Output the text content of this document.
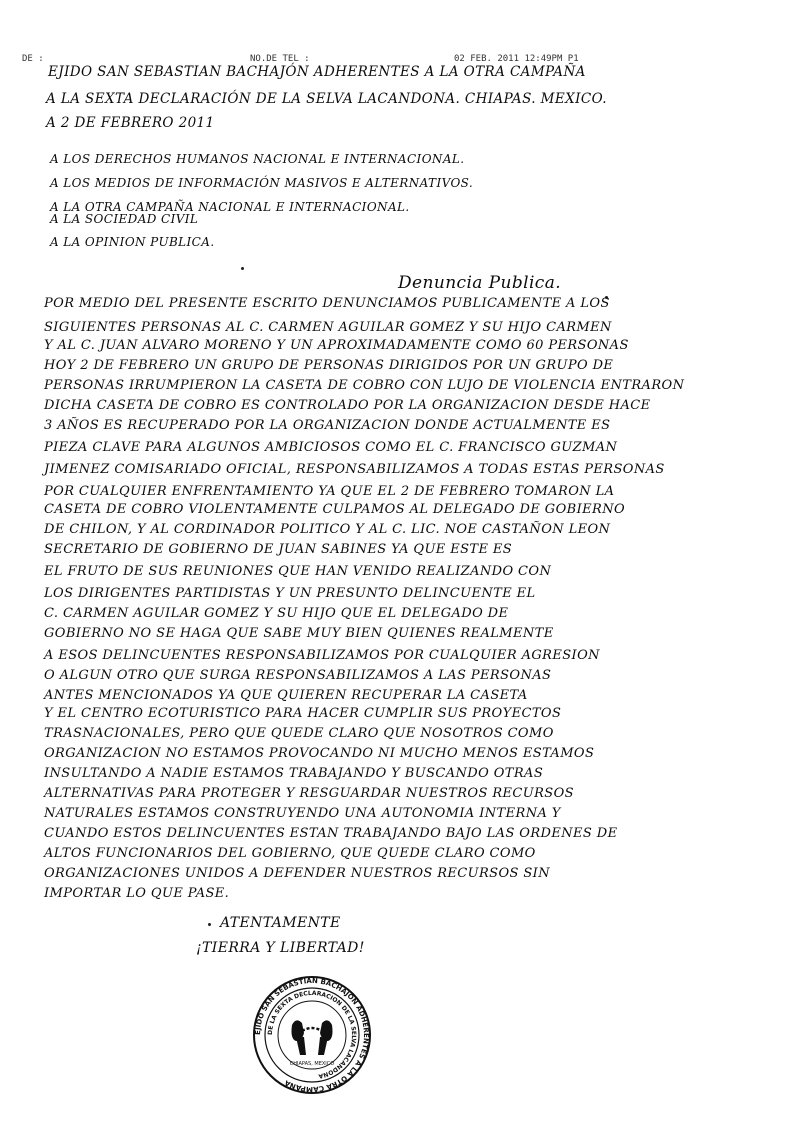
DE :	NO.DE TEL :	02 FEB. 2011 12:49PM P1
EJIDO SAN SEBASTIAN BACHAJÓN ADHERENTES A LA OTRA CAMPAÑA
A LA SEXTA DECLARACIÓN DE LA SELVA LACANDONA. CHIAPAS. MEXICO.
A 2 DE FEBRERO 2011
A LOS DERECHOS HUMANOS NACIONAL E INTERNACIONAL.
A LOS MEDIOS DE INFORMACIÓN MASIVOS E ALTERNATIVOS.
A LA OTRA CAMPAÑA NACIONAL E INTERNACIONAL.
A LA SOCIEDAD CIVIL
A LA OPINION PUBLICA.
Denuncia Publica.
POR MEDIO DEL PRESENTE ESCRITO DENUNCIAMOS PUBLICAMENTE A LOS
SIGUIENTES PERSONAS AL C. CARMEN AGUILAR GOMEZ Y SU HIJO CARMEN
Y AL C. JUAN ALVARO MORENO Y UN APROXIMADAMENTE COMO 60 PERSONAS
HOY 2 DE FEBRERO UN GRUPO DE PERSONAS DIRIGIDOS POR UN GRUPO DE
PERSONAS IRRUMPIERON LA CASETA DE COBRO CON LUJO DE VIOLENCIA ENTRARON
DICHA CASETA DE COBRO ES CONTROLADO POR LA ORGANIZACION DESDE HACE
3 AÑOS ES RECUPERADO POR LA ORGANIZACION DONDE ACTUALMENTE ES
PIEZA CLAVE PARA ALGUNOS AMBICIOSOS COMO EL C. FRANCISCO GUZMAN
JIMENEZ COMISARIADO OFICIAL, RESPONSABILIZAMOS A TODAS ESTAS PERSONAS
POR CUALQUIER ENFRENTAMIENTO YA QUE EL 2 DE FEBRERO TOMARON LA
CASETA DE COBRO VIOLENTAMENTE CULPAMOS AL DELEGADO DE GOBIERNO
DE CHILON, Y AL CORDINADOR POLITICO Y AL C. LIC. NOE CASTAÑON LEON
SECRETARIO DE GOBIERNO DE JUAN SABINES YA QUE ESTE ES
EL FRUTO DE SUS REUNIONES QUE HAN VENIDO REALIZANDO CON
LOS DIRIGENTES PARTIDISTAS Y UN PRESUNTO DELINCUENTE EL
C. CARMEN AGUILAR GOMEZ Y SU HIJO QUE EL DELEGADO DE
GOBIERNO NO SE HAGA QUE SABE MUY BIEN QUIENES REALMENTE
A ESOS DELINCUENTES RESPONSABILIZAMOS POR CUALQUIER AGRESION
O ALGUN OTRO QUE SURGA RESPONSABILIZAMOS A LAS PERSONAS
ANTES MENCIONADOS YA QUE QUIEREN RECUPERAR LA CASETA
Y EL CENTRO ECOTURISTICO PARA HACER CUMPLIR SUS PROYECTOS
TRASNACIONALES, PERO QUE QUEDE CLARO QUE NOSOTROS COMO
ORGANIZACION NO ESTAMOS PROVOCANDO NI MUCHO MENOS ESTAMOS
INSULTANDO A NADIE ESTAMOS TRABAJANDO Y BUSCANDO OTRAS
ALTERNATIVAS PARA PROTEGER Y RESGUARDAR NUESTROS RECURSOS
NATURALES ESTAMOS CONSTRUYENDO UNA AUTONOMIA INTERNA Y
CUANDO ESTOS DELINCUENTES ESTAN TRABAJANDO BAJO LAS ORDENES DE
ALTOS FUNCIONARIOS DEL GOBIERNO, QUE QUEDE CLARO COMO
ORGANIZACIONES UNIDOS A DEFENDER NUESTROS RECURSOS SIN
IMPORTAR LO QUE PASE.
ATENTAMENTE
¡TIERRA Y LIBERTAD!
EJIDO SAN SEBASTIAN BACHAJON ADHERENTES A LA OTRA CAMPAÑA
DE LA SEXTA DECLARACION DE LA SELVA LACANDONA
CHIAPAS, MEXICO
